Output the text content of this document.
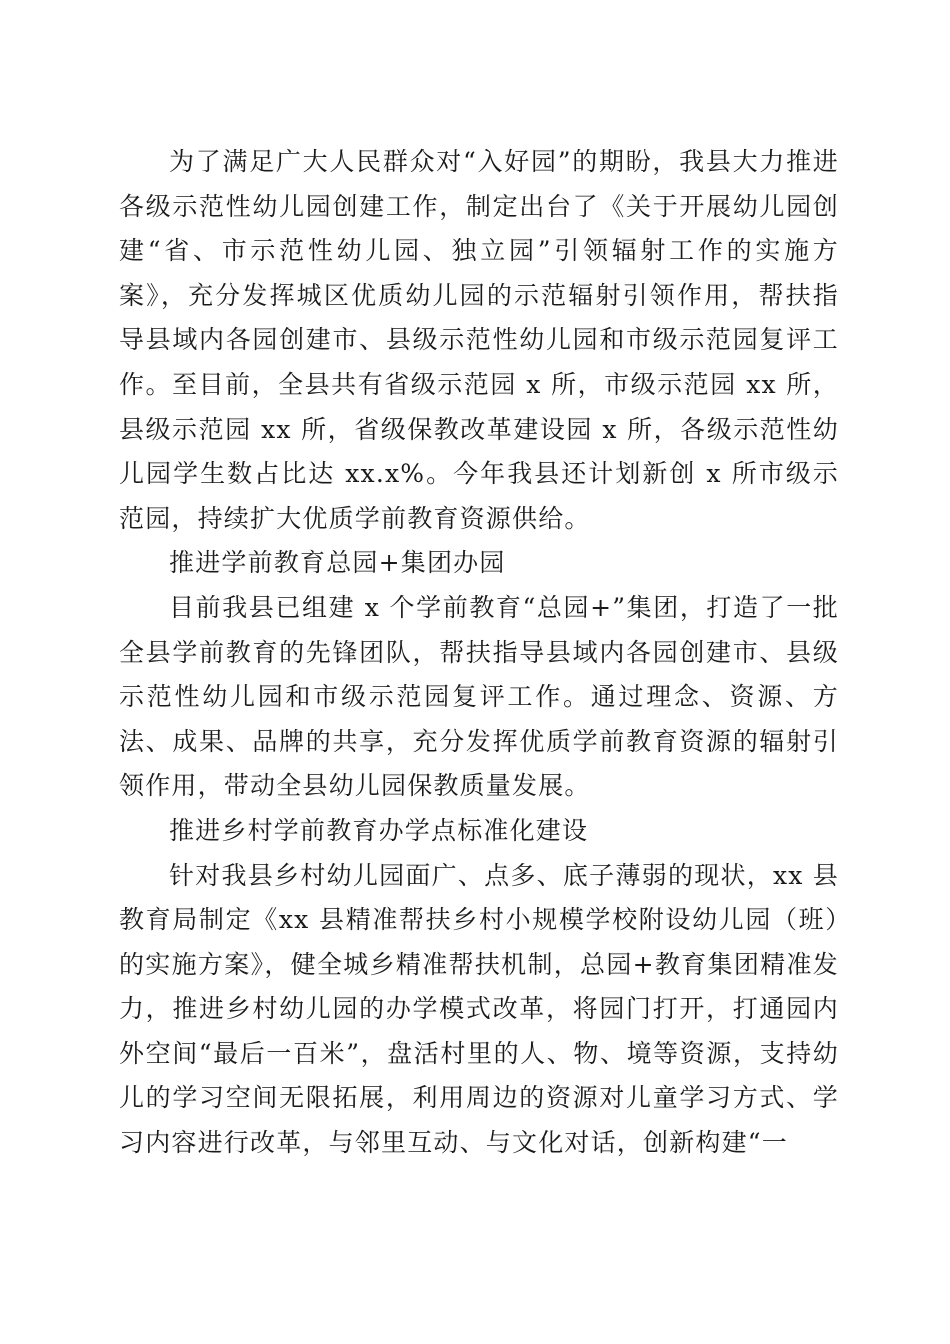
为了满足广大人民群众对“入好园”的期盼，我县大力推进各级示范性幼儿园创建工作，制定出台了《关于开展幼儿园创建“省、市示范性幼儿园、独立园”引领辐射工作的实施方案》，充分发挥城区优质幼儿园的示范辐射引领作用，帮扶指导县域内各园创建市、县级示范性幼儿园和市级示范园复评工作。至目前，全县共有省级示范园 x 所，市级示范园 xx 所，县级示范园 xx 所，省级保教改革建设园 x 所，各级示范性幼儿园学生数占比达 xx.x%。今年我县还计划新创 x 所市级示范园，持续扩大优质学前教育资源供给。

推进学前教育总园+集团办园

目前我县已组建 x 个学前教育“总园+”集团，打造了一批全县学前教育的先锋团队，帮扶指导县域内各园创建市、县级示范性幼儿园和市级示范园复评工作。通过理念、资源、方法、成果、品牌的共享，充分发挥优质学前教育资源的辐射引领作用，带动全县幼儿园保教质量发展。

推进乡村学前教育办学点标准化建设

针对我县乡村幼儿园面广、点多、底子薄弱的现状，xx 县教育局制定《xx 县精准帮扶乡村小规模学校附设幼儿园（班）的实施方案》，健全城乡精准帮扶机制，总园+教育集团精准发力，推进乡村幼儿园的办学模式改革，将园门打开，打通园内外空间“最后一百米”，盘活村里的人、物、境等资源，支持幼儿的学习空间无限拓展，利用周边的资源对儿童学习方式、学习内容进行改革，与邻里互动、与文化对话，创新构建“一
